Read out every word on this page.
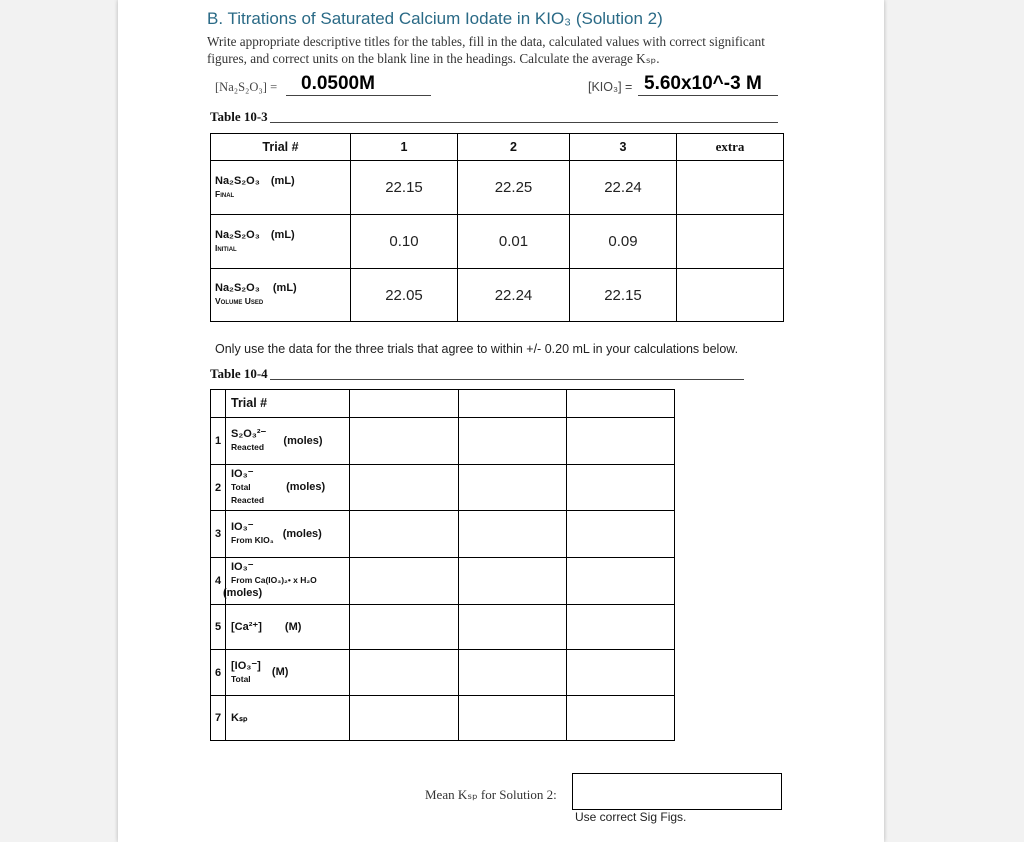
B. Titrations of Saturated Calcium Iodate in KIO₃ (Solution 2)
Write appropriate descriptive titles for the tables, fill in the data, calculated values with correct significant figures, and correct units on the blank line in the headings. Calculate the average Kₛₚ.
[Na₂S₂O₃] = 0.0500M	[KIO₃] = 5.60x10^-3 M
Table 10-3
Trial #	1	2	3	extra
Na₂S₂O₃ (mL)
Final	22.15	22.25	22.24	
Na₂S₂O₃ (mL)
Initial	0.10	0.01	0.09	
Na₂S₂O₃ (mL)
Volume Used	22.05	22.24	22.15	
Only use the data for the three trials that agree to within +/- 0.20 mL in your calculations below.
Table 10-4
	Trial #			
1	S₂O₃²⁻
Reacted (moles)			
2	IO₃⁻
Total Reacted (moles)			
3	IO₃⁻
From KIO₃ (moles)			
4	IO₃⁻
From Ca(IO₃)₂• x H₂O (moles)			
5	[Ca²⁺] (M)			
6	[IO₃⁻]
Total (M)			
7	Kₛₚ			
Mean Kₛₚ for Solution 2:
Use correct Sig Figs.
